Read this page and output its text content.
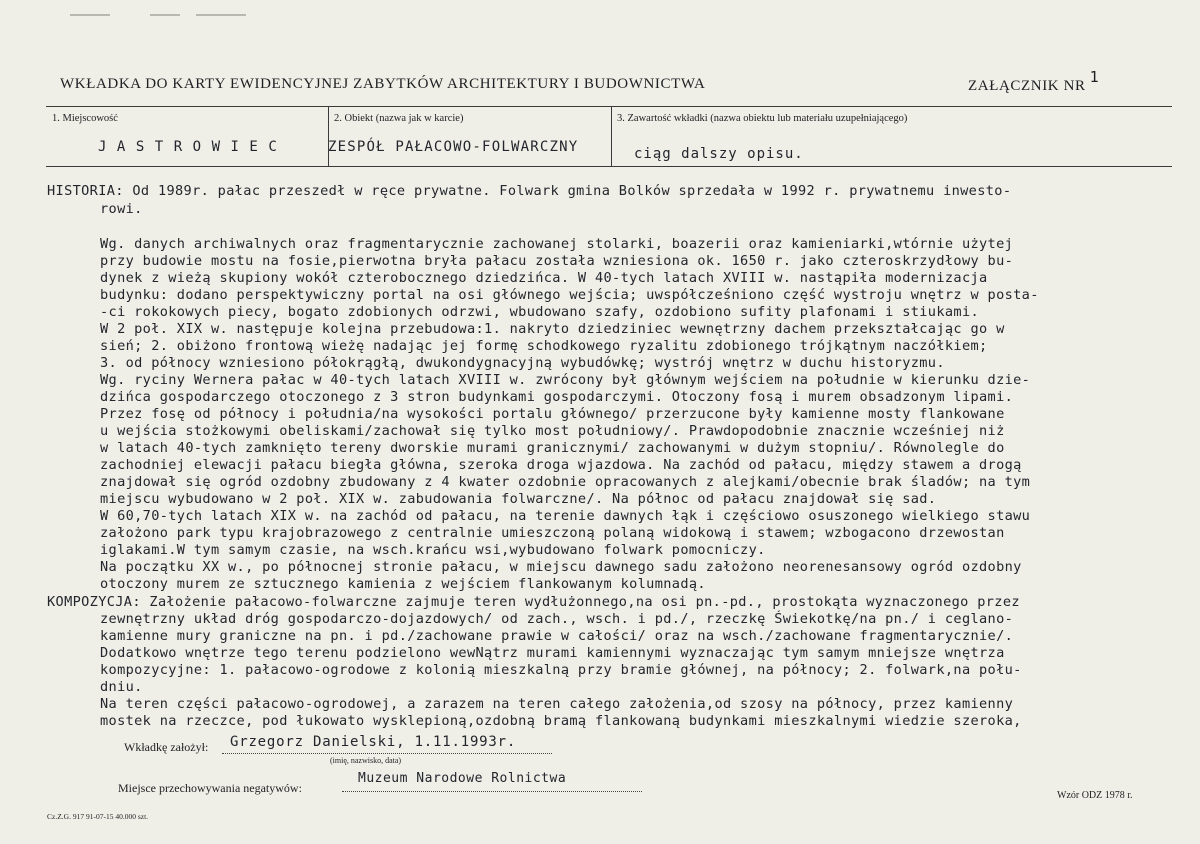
WKŁADKA DO KARTY EWIDENCYJNEJ ZABYTKÓW ARCHITEKTURY I BUDOWNICTWA	ZAŁĄCZNIK NR 1
1. Miejscowość	2. Obiekt (nazwa jak w karcie)	3. Zawartość wkładki (nazwa obiektu lub materiału uzupełniającego)
JASTROWIEC	ZESPÓŁ PAŁACOWO-FOLWARCZNY	ciąg dalszy opisu.
HISTORIA: Od 1989r. pałac przeszedł w ręce prywatne. Folwark gmina Bolków sprzedała w 1992 r. prywatnemu inwesto-
rowi.
Wg. danych archiwalnych oraz fragmentarycznie zachowanej stolarki, boazerii oraz kamieniarki,wtórnie użytej
przy budowie mostu na fosie,pierwotna bryła pałacu została wzniesiona ok. 1650 r. jako czteroskrzydłowy bu-
dynek z wieżą skupiony wokół czterobocznego dziedzińca. W 40-tych latach XVIII w. nastąpiła modernizacja
budynku: dodano perspektywiczny portal na osi głównego wejścia; uwspółcześniono część wystroju wnętrz w posta-
-ci rokokowych piecy, bogato zdobionych odrzwi, wbudowano szafy, ozdobiono sufity plafonami i stiukami.
W 2 poł. XIX w. następuje kolejna przebudowa:1. nakryto dziedziniec wewnętrzny dachem przekształcając go w
sień; 2. obiżono frontową wieżę nadając jej formę schodkowego ryzalitu zdobionego trójkątnym naczółkiem;
3. od północy wzniesiono półokrągłą, dwukondygnacyjną wybudówkę; wystrój wnętrz w duchu historyzmu.
Wg. ryciny Wernera pałac w 40-tych latach XVIII w. zwrócony był głównym wejściem na południe w kierunku dzie-
dzińca gospodarczego otoczonego z 3 stron budynkami gospodarczymi. Otoczony fosą i murem obsadzonym lipami.
Przez fosę od północy i południa/na wysokości portalu głównego/ przerzucone były kamienne mosty flankowane
u wejścia stożkowymi obeliskami/zachował się tylko most południowy/. Prawdopodobnie znacznie wcześniej niż
w latach 40-tych zamknięto tereny dworskie murami granicznymi/ zachowanymi w dużym stopniu/. Równolegle do
zachodniej elewacji pałacu biegła główna, szeroka droga wjazdowa. Na zachód od pałacu, między stawem a drogą
znajdował się ogród ozdobny zbudowany z 4 kwater ozdobnie opracowanych z alejkami/obecnie brak śladów; na tym
miejscu wybudowano w 2 poł. XIX w. zabudowania folwarczne/. Na północ od pałacu znajdował się sad.
W 60,70-tych latach XIX w. na zachód od pałacu, na terenie dawnych łąk i częściowo osuszonego wielkiego stawu
założono park typu krajobrazowego z centralnie umieszczoną polaną widokową i stawem; wzbogacono drzewostan
iglakami.W tym samym czasie, na wsch.krańcu wsi,wybudowano folwark pomocniczy.
Na początku XX w., po północnej stronie pałacu, w miejscu dawnego sadu założono neorenesansowy ogród ozdobny
otoczony murem ze sztucznego kamienia z wejściem flankowanym kolumnadą.
KOMPOZYCJA: Założenie pałacowo-folwarczne zajmuje teren wydłużonnego,na osi pn.-pd., prostokąta wyznaczonego przez
zewnętrzny układ dróg gospodarczo-dojazdowych/ od zach., wsch. i pd./, rzeczkę Świekotkę/na pn./ i ceglano-
kamienne mury graniczne na pn. i pd./zachowane prawie w całości/ oraz na wsch./zachowane fragmentarycznie/.
Dodatkowo wnętrze tego terenu podzielono wewNątrz murami kamiennymi wyznaczając tym samym mniejsze wnętrza
kompozycyjne: 1. pałacowo-ogrodowe z kolonią mieszkalną przy bramie głównej, na północy; 2. folwark,na połu-
dniu.
Na teren części pałacowo-ogrodowej, a zarazem na teren całego założenia,od szosy na północy, przez kamienny
mostek na rzeczce, pod łukowato wysklepioną,ozdobną bramą flankowaną budynkami mieszkalnymi wiedzie szeroka,
Wkładkę założył: Grzegorz Danielski, 1.11.1993r.
(imię, nazwisko, data)
Miejsce przechowywania negatywów:
Muzeum Narodowe Rolnictwa
Wzór ODZ 1978 r.
Cz.Z.G. 917 91-07-15 40.000 szt.
